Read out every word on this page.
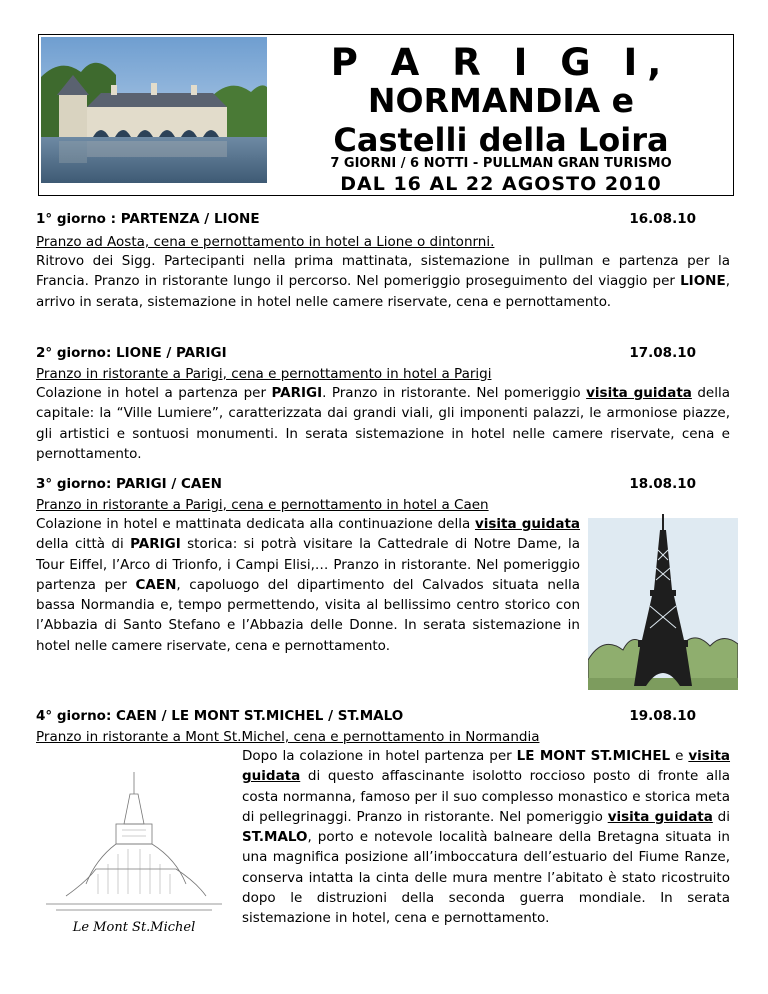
P A R I G I,
NORMANDIA e
Castelli della Loira
7 GIORNI / 6 NOTTI - PULLMAN GRAN TURISMO
DAL 16 AL 22 AGOSTO 2010
1° giorno : PARTENZA / LIONE	16.08.10
Pranzo ad Aosta, cena e pernottamento in hotel a Lione o dintonrni.
Ritrovo dei Sigg. Partecipanti nella prima mattinata, sistemazione in pullman e partenza per la Francia. Pranzo in ristorante lungo il percorso. Nel pomeriggio proseguimento del viaggio per LIONE, arrivo in serata, sistemazione in hotel nelle camere riservate, cena e pernottamento.
2° giorno: LIONE / PARIGI	17.08.10
Pranzo in ristorante a Parigi, cena e pernottamento in hotel a Parigi
Colazione in hotel a partenza per PARIGI. Pranzo in ristorante. Nel pomeriggio visita guidata della capitale: la “Ville Lumiere”, caratterizzata dai grandi viali, gli imponenti palazzi, le armoniose piazze, gli artistici e sontuosi monumenti. In serata sistemazione in hotel nelle camere riservate, cena e pernottamento.
3° giorno: PARIGI / CAEN	18.08.10
Pranzo in ristorante a Parigi, cena e pernottamento in hotel a Caen
Colazione in hotel e mattinata dedicata alla continuazione della visita guidata della città di PARIGI storica: si potrà visitare la Cattedrale di Notre Dame, la Tour Eiffel, l’Arco di Trionfo, i Campi Elisi,… Pranzo in ristorante. Nel pomeriggio partenza per CAEN, capoluogo del dipartimento del Calvados situata nella bassa Normandia e, tempo permettendo, visita al bellissimo centro storico con l’Abbazia di Santo Stefano e l’Abbazia delle Donne. In serata sistemazione in hotel nelle camere riservate, cena e pernottamento.
4° giorno: CAEN / LE MONT ST.MICHEL / ST.MALO	19.08.10
Pranzo in ristorante a Mont St.Michel, cena e pernottamento in Normandia
Le Mont St.Michel
Dopo la colazione in hotel partenza per LE MONT ST.MICHEL e visita guidata di questo affascinante isolotto roccioso posto di fronte alla costa normanna, famoso per il suo complesso monastico e storica meta di pellegrinaggi. Pranzo in ristorante. Nel pomeriggio visita guidata di ST.MALO, porto e notevole località balneare della Bretagna situata in una magnifica posizione all’imboccatura dell’estuario del Fiume Ranze, conserva intatta la cinta delle mura mentre l’abitato è stato ricostruito dopo le distruzioni della seconda guerra mondiale. In serata sistemazione in hotel, cena e pernottamento.
